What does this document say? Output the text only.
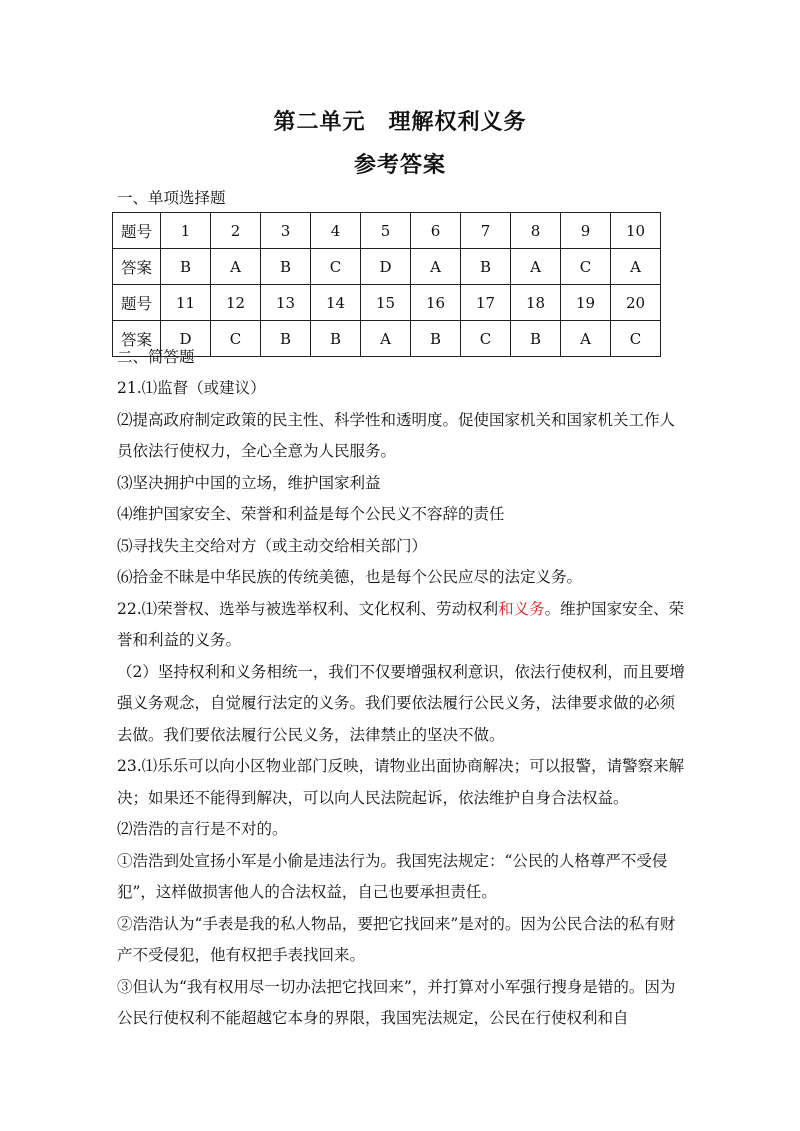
第二单元　理解权利义务
参考答案
一、单项选择题
题号	1	2	3	4	5	6	7	8	9	10
答案	B	A	B	C	D	A	B	A	C	A
题号	11	12	13	14	15	16	17	18	19	20
答案	D	C	B	B	A	B	C	B	A	C
二、简答题

21.⑴监督（或建议）

⑵提高政府制定政策的民主性、科学性和透明度。促使国家机关和国家机关工作人员依法行使权力，全心全意为人民服务。

⑶坚决拥护中国的立场，维护国家利益

⑷维护国家安全、荣誉和利益是每个公民义不容辞的责任

⑸寻找失主交给对方（或主动交给相关部门）

⑹拾金不昧是中华民族的传统美德，也是每个公民应尽的法定义务。

22.⑴荣誉权、选举与被选举权利、文化权利、劳动权利和义务。维护国家安全、荣誉和利益的义务。

（2）坚持权利和义务相统一，我们不仅要增强权利意识，依法行使权利，而且要增强义务观念，自觉履行法定的义务。我们要依法履行公民义务，法律要求做的必须去做。我们要依法履行公民义务，法律禁止的坚决不做。

23.⑴乐乐可以向小区物业部门反映，请物业出面协商解决；可以报警，请警察来解决；如果还不能得到解决，可以向人民法院起诉，依法维护自身合法权益。

⑵浩浩的言行是不对的。

①浩浩到处宣扬小军是小偷是违法行为。我国宪法规定：“公民的人格尊严不受侵犯”，这样做损害他人的合法权益，自己也要承担责任。

②浩浩认为“手表是我的私人物品，要把它找回来”是对的。因为公民合法的私有财产不受侵犯，他有权把手表找回来。

③但认为“我有权用尽一切办法把它找回来”，并打算对小军强行搜身是错的。因为公民行使权利不能超越它本身的界限，我国宪法规定，公民在行使权利和自
